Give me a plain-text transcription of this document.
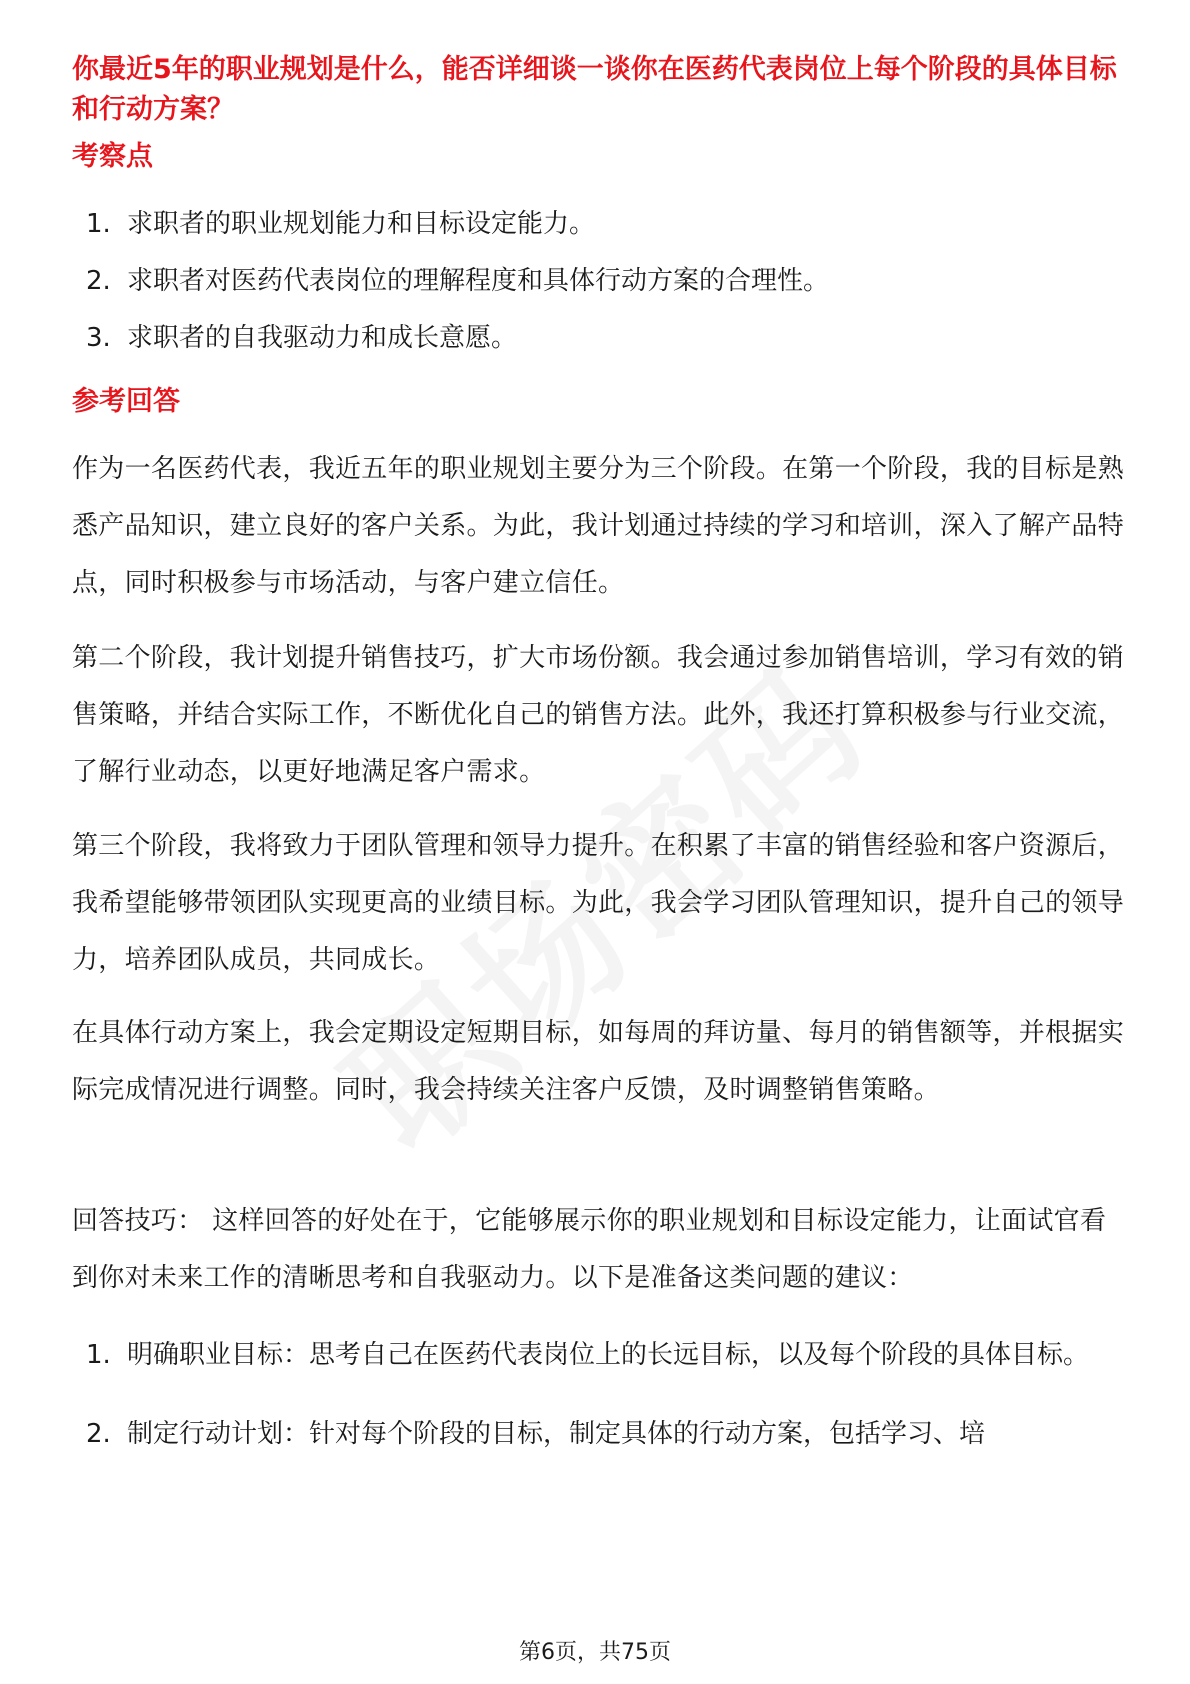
你最近5年的职业规划是什么，能否详细谈一谈你在医药代表岗位上每个阶段的具体目标和行动方案？
考察点
1. 求职者的职业规划能力和目标设定能力。
2. 求职者对医药代表岗位的理解程度和具体行动方案的合理性。
3. 求职者的自我驱动力和成长意愿。
参考回答

作为一名医药代表，我近五年的职业规划主要分为三个阶段。在第一个阶段，我的目标是熟悉产品知识，建立良好的客户关系。为此，我计划通过持续的学习和培训，深入了解产品特点，同时积极参与市场活动，与客户建立信任。

第二个阶段，我计划提升销售技巧，扩大市场份额。我会通过参加销售培训，学习有效的销售策略，并结合实际工作，不断优化自己的销售方法。此外，我还打算积极参与行业交流，了解行业动态，以更好地满足客户需求。

第三个阶段，我将致力于团队管理和领导力提升。在积累了丰富的销售经验和客户资源后，我希望能够带领团队实现更高的业绩目标。为此，我会学习团队管理知识，提升自己的领导力，培养团队成员，共同成长。

在具体行动方案上，我会定期设定短期目标，如每周的拜访量、每月的销售额等，并根据实际完成情况进行调整。同时，我会持续关注客户反馈，及时调整销售策略。

回答技巧： 这样回答的好处在于，它能够展示你的职业规划和目标设定能力，让面试官看到你对未来工作的清晰思考和自我驱动力。以下是准备这类问题的建议：

1. 明确职业目标：思考自己在医药代表岗位上的长远目标，以及每个阶段的具体目标。
2. 制定行动计划：针对每个阶段的目标，制定具体的行动方案，包括学习、培
第6页，共75页
